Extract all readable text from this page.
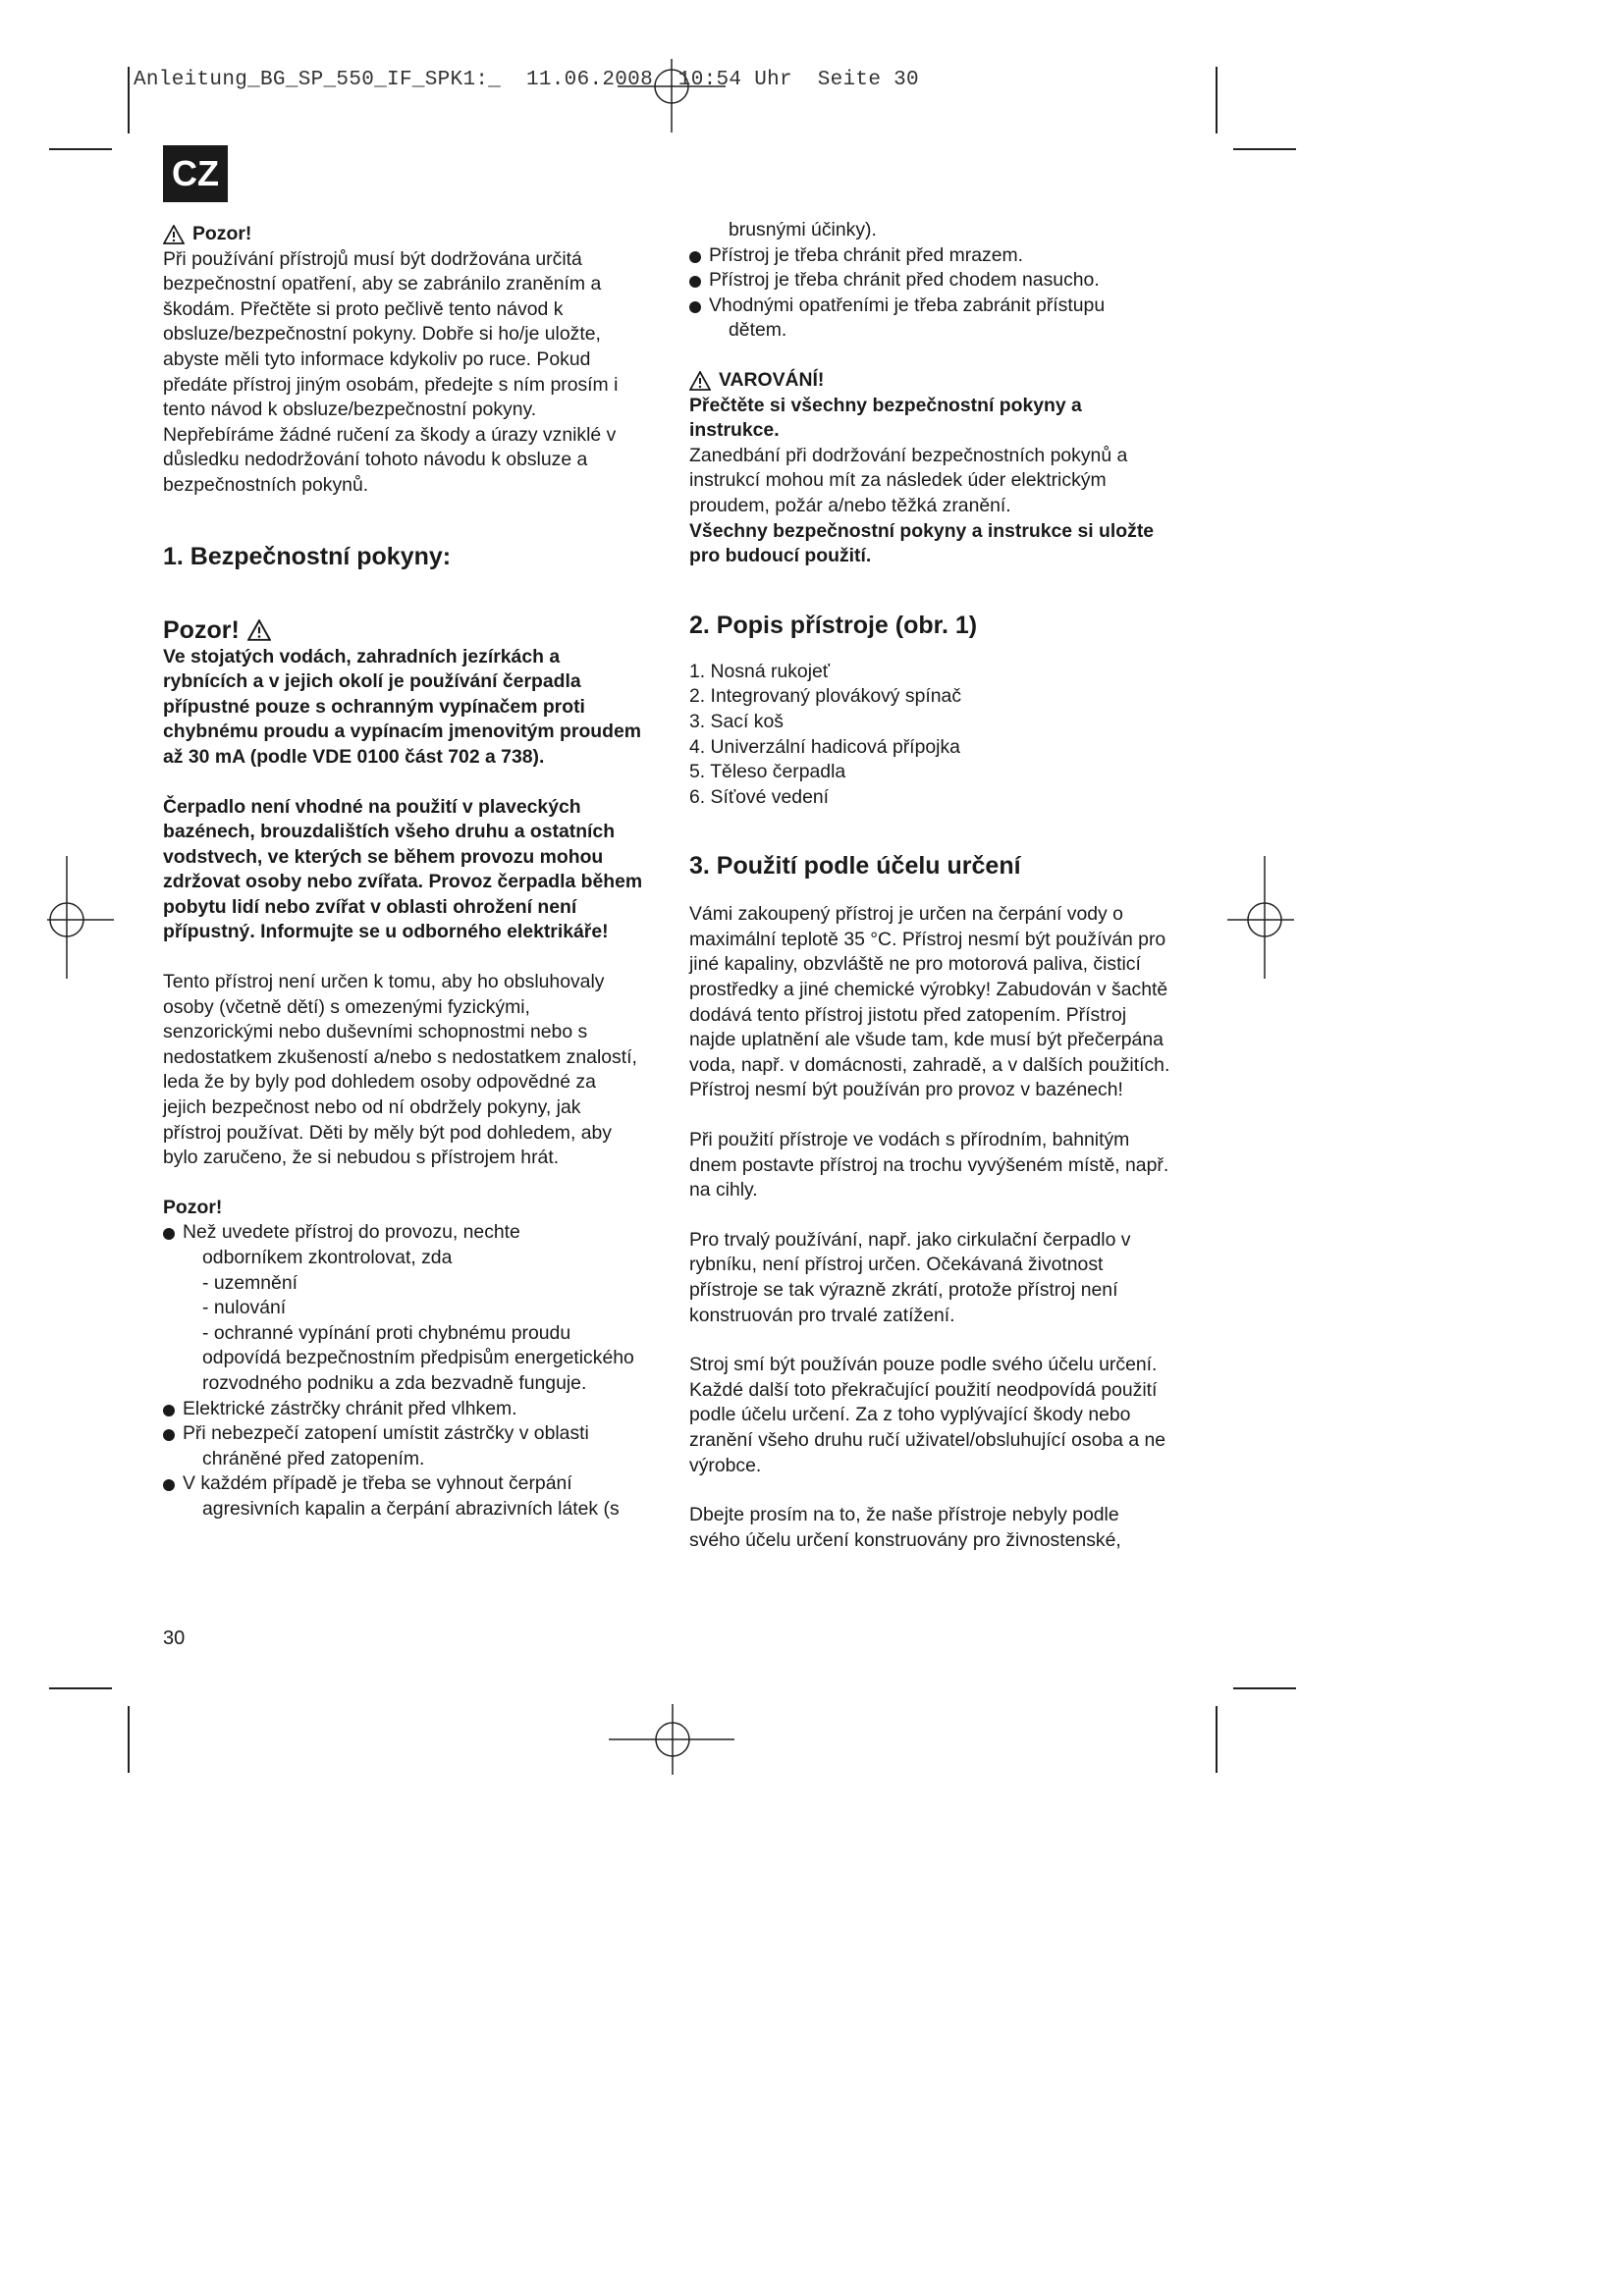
Anleitung_BG_SP_550_IF_SPK1:_  11.06.2008  10:54 Uhr  Seite 30
CZ
Pozor!

Při používání přístrojů musí být dodržována určitá bezpečnostní opatření, aby se zabránilo zraněním a škodám. Přečtěte si proto pečlivě tento návod k obsluze/bezpečnostní pokyny. Dobře si ho/je uložte, abyste měli tyto informace kdykoliv po ruce. Pokud předáte přístroj jiným osobám, předejte s ním prosím i tento návod k obsluze/bezpečnostní pokyny. Nepřebíráme žádné ručení za škody a úrazy vzniklé v důsledku nedodržování tohoto návodu k obsluze a bezpečnostních pokynů.

1. Bezpečnostní pokyny:

Pozor!

Ve stojatých vodách, zahradních jezírkách a rybnících a v jejich okolí je používání čerpadla přípustné pouze s ochranným vypínačem proti chybnému proudu a vypínacím jmenovitým proudem až 30 mA (podle VDE 0100 část 702 a 738).

Čerpadlo není vhodné na použití v plaveckých bazénech, brouzdalištích všeho druhu a ostatních vodstvech, ve kterých se během provozu mohou zdržovat osoby nebo zvířata. Provoz čerpadla během pobytu lidí nebo zvířat v oblasti ohrožení není přípustný. Informujte se u odborného elektrikáře!

Tento přístroj není určen k tomu, aby ho obsluhovaly osoby (včetně dětí) s omezenými fyzickými, senzorickými nebo duševními schopnostmi nebo s nedostatkem zkušeností a/nebo s nedostatkem znalostí, leda že by byly pod dohledem osoby odpovědné za jejich bezpečnost nebo od ní obdržely pokyny, jak přístroj používat. Děti by měly být pod dohledem, aby bylo zaručeno, že si nebudou s přístrojem hrát.

Pozor!

Než uvedete přístroj do provozu, nechte
odborníkem zkontrolovat, zda
- uzemnění
- nulování
- ochranné vypínání proti chybnému proudu odpovídá bezpečnostním předpisům energetického rozvodného podniku a zda bezvadně funguje.
Elektrické zástrčky chránit před vlhkem.
Při nebezpečí zatopení umístit zástrčky v oblasti
chráněné před zatopením.
V každém případě je třeba se vyhnout čerpání
agresivních kapalin a čerpání abrazivních látek (s
30

brusnými účinky).

Přístroj je třeba chránit před mrazem.
Přístroj je třeba chránit před chodem nasucho.
Vhodnými opatřeními je třeba zabránit přístupu
dětem.
VAROVÁNÍ!

Přečtěte si všechny bezpečnostní pokyny a instrukce.

Zanedbání při dodržování bezpečnostních pokynů a instrukcí mohou mít za následek úder elektrickým proudem, požár a/nebo těžká zranění.

Všechny bezpečnostní pokyny a instrukce si uložte pro budoucí použití.

2. Popis přístroje (obr. 1)

1. Nosná rukojeť
2. Integrovaný plovákový spínač
3. Sací koš
4. Univerzální hadicová přípojka
5. Těleso čerpadla
6. Síťové vedení

3. Použití podle účelu určení

Vámi zakoupený přístroj je určen na čerpání vody o maximální teplotě 35 °C. Přístroj nesmí být používán pro jiné kapaliny, obzvláště ne pro motorová paliva, čisticí prostředky a jiné chemické výrobky! Zabudován v šachtě dodává tento přístroj jistotu před zatopením. Přístroj najde uplatnění ale všude tam, kde musí být přečerpána voda, např. v domácnosti, zahradě, a v dalších použitích. Přístroj nesmí být používán pro provoz v bazénech!

Při použití přístroje ve vodách s přírodním, bahnitým dnem postavte přístroj na trochu vyvýšeném místě, např. na cihly.

Pro trvalý používání, např. jako cirkulační čerpadlo v rybníku, není přístroj určen. Očekávaná životnost přístroje se tak výrazně zkrátí, protože přístroj není konstruován pro trvalé zatížení.

Stroj smí být používán pouze podle svého účelu určení. Každé další toto překračující použití neodpovídá použití podle účelu určení. Za z toho vyplývající škody nebo zranění všeho druhu ručí uživatel/obsluhující osoba a ne výrobce.

Dbejte prosím na to, že naše přístroje nebyly podle svého účelu určení konstruovány pro živnostenské,
